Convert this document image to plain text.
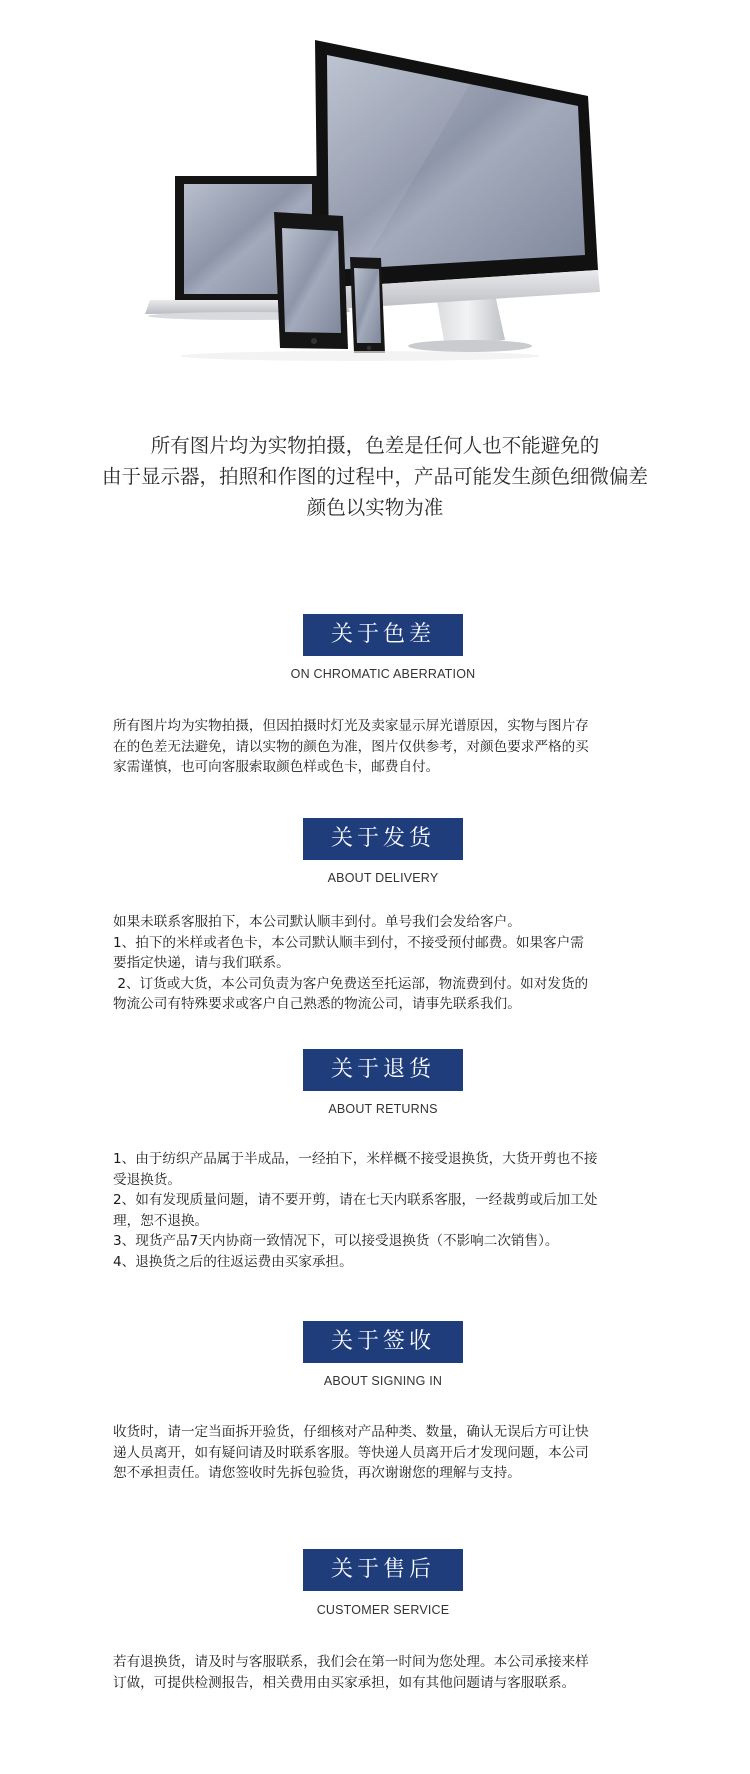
所有图片均为实物拍摄，色差是任何人也不能避免的
由于显示器，拍照和作图的过程中，产品可能发生颜色细微偏差
颜色以实物为准
关于色差
ON CHROMATIC ABERRATION
所有图片均为实物拍摄，但因拍摄时灯光及卖家显示屏光谱原因，实物与图片存
在的色差无法避免，请以实物的颜色为准，图片仅供参考，对颜色要求严格的买
家需谨慎，也可向客服索取颜色样或色卡，邮费自付。
关于发货
ABOUT DELIVERY
如果未联系客服拍下，本公司默认顺丰到付。单号我们会发给客户。
1、拍下的米样或者色卡，本公司默认顺丰到付，不接受预付邮费。如果客户需
要指定快递，请与我们联系。
2、订货或大货，本公司负责为客户免费送至托运部，物流费到付。如对发货的
物流公司有特殊要求或客户自己熟悉的物流公司，请事先联系我们。
关于退货
ABOUT RETURNS
1、由于纺织产品属于半成品，一经拍下，米样概不接受退换货，大货开剪也不接
受退换货。
2、如有发现质量问题，请不要开剪，请在七天内联系客服，一经裁剪或后加工处
理，恕不退换。
3、现货产品7天内协商一致情况下，可以接受退换货（不影响二次销售）。
4、退换货之后的往返运费由买家承担。
关于签收
ABOUT SIGNING IN
收货时，请一定当面拆开验货，仔细核对产品种类、数量，确认无误后方可让快
递人员离开，如有疑问请及时联系客服。等快递人员离开后才发现问题，本公司
恕不承担责任。请您签收时先拆包验货，再次谢谢您的理解与支持。
关于售后
CUSTOMER SERVICE
若有退换货，请及时与客服联系，我们会在第一时间为您处理。本公司承接来样
订做，可提供检测报告，相关费用由买家承担，如有其他问题请与客服联系。
